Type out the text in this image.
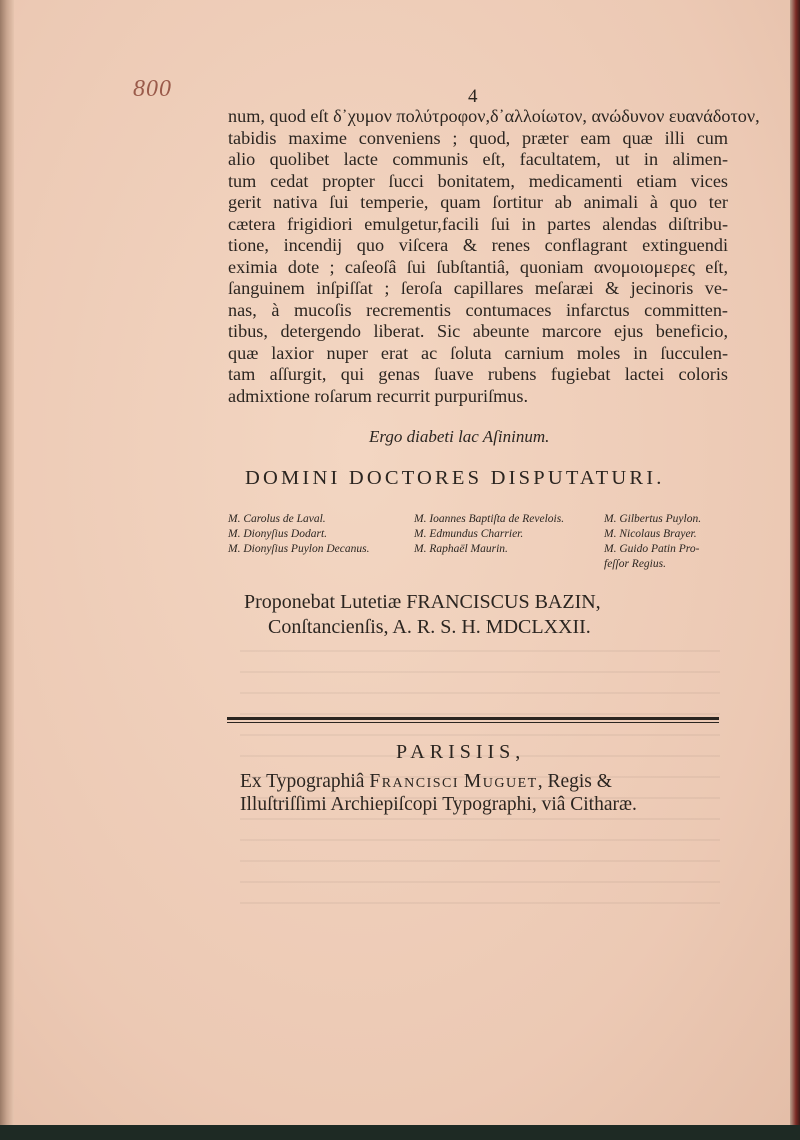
800	4
num, quod eſt δ᾽χυμον πολύτροφον,δ᾽αλλοίωτον, ανώδυνον ευανάδοτον,
tabidis maxime conveniens ; quod, præter eam quæ illi cum
alio quolibet lacte communis eſt, facultatem, ut in alimen-
tum cedat propter ſucci bonitatem, medicamenti etiam vices
gerit nativa ſui temperie, quam ſortitur ab animali à quo ter
cætera frigidiori emulgetur,facili ſui in partes alendas diſtribu-
tione, incendij quo viſcera & renes conflagrant extinguendi
eximia dote ; caſeoſâ ſui ſubſtantiâ, quoniam ανομοιομερες eſt,
ſanguinem inſpiſſat ; ſeroſa capillares meſaræi & jecinoris ve-
nas, à mucoſis recrementis contumaces infarctus committen-
tibus, detergendo liberat. Sic abeunte marcore ejus beneficio,
quæ laxior nuper erat ac ſoluta carnium moles in ſucculen-
tam aſſurgit, qui genas ſuave rubens fugiebat lactei coloris
admixtione roſarum recurrit purpuriſmus.
Ergo diabeti lac Aſininum.
DOMINI DOCTORES DISPUTATURI.
M. Carolus de Laval.
M. Dionyſius Dodart.
M. Dionyſius Puylon Decanus.
M. Ioannes Baptiſta de Revelois.
M. Edmundus Charrier.
M. Raphaël Maurin.
M. Gilbertus Puylon.
M. Nicolaus Brayer.
M. Guido Patin Pro-
feſſor Regius.
Proponebat Lutetiæ FRANCISCUS BAZIN,
Conſtancienſis, A. R. S. H. MDCLXXII.
PARISIIS,
Ex Typographiâ Francisci Muguet, Regis &
Illuſtriſſimi Archiepiſcopi Typographi, viâ Citharæ.
